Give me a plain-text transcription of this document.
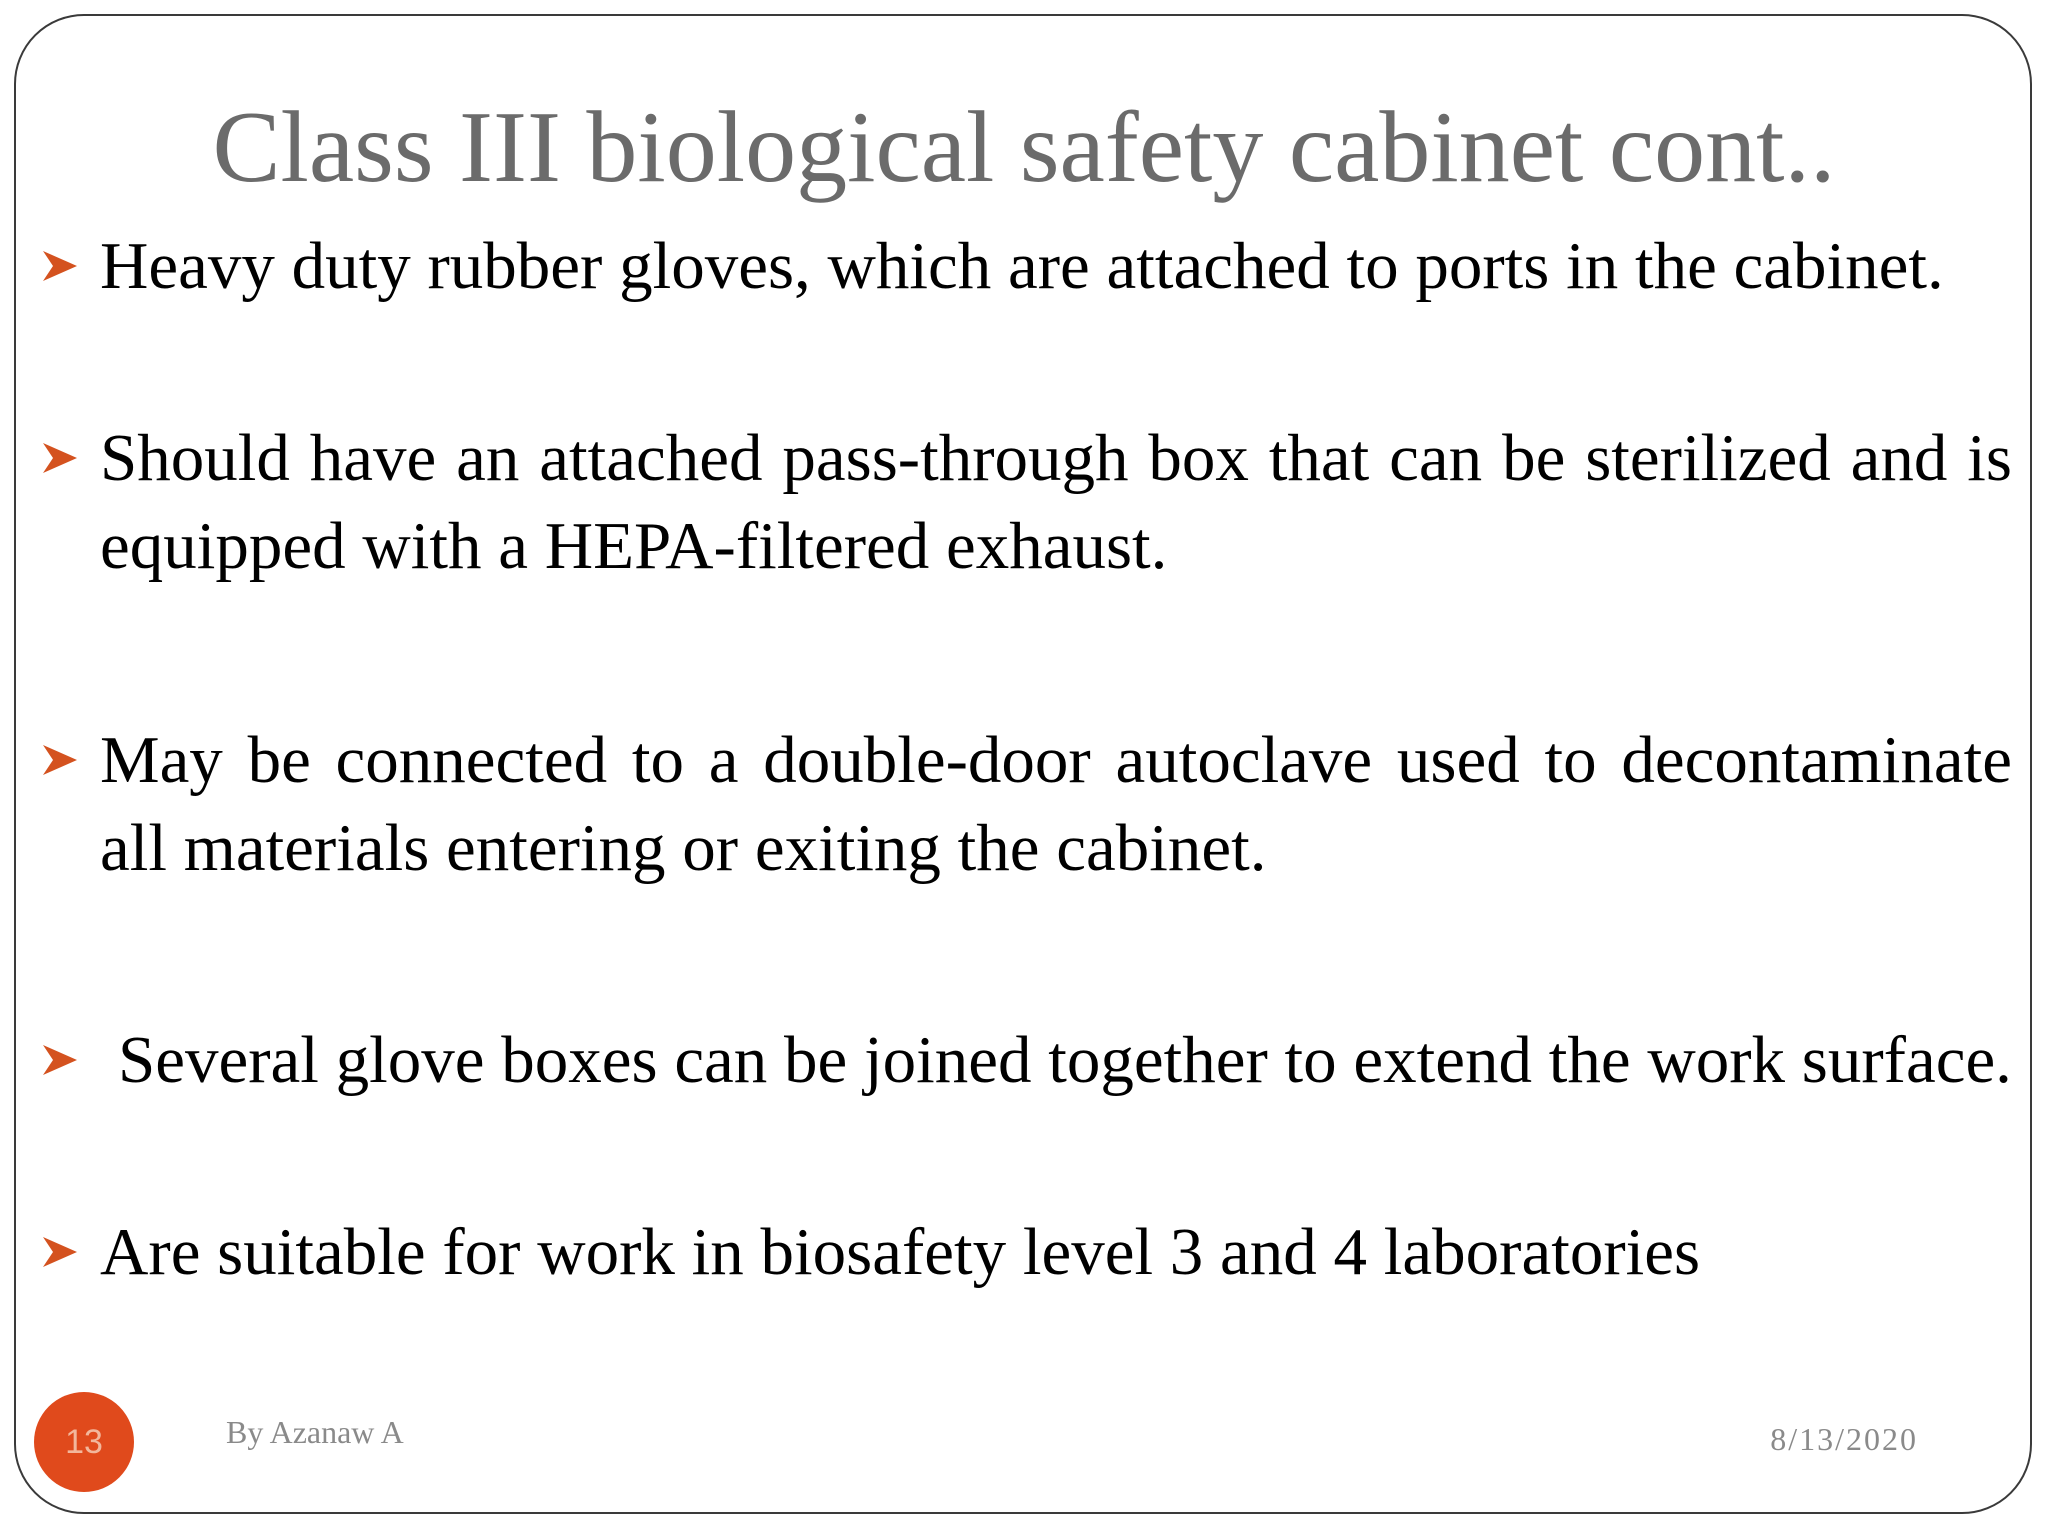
Class III biological safety cabinet cont..
Heavy duty rubber gloves, which are attached to ports in the cabinet.
Should have an attached pass-through box that can be sterilized and is equipped with a HEPA-filtered exhaust.
May be connected to a double-door autoclave used to decontaminate all materials entering or exiting the cabinet.
Several glove boxes can be joined together to extend the work surface.
Are suitable for work in biosafety level 3 and 4 laboratories
13	By Azanaw A	8/13/2020
